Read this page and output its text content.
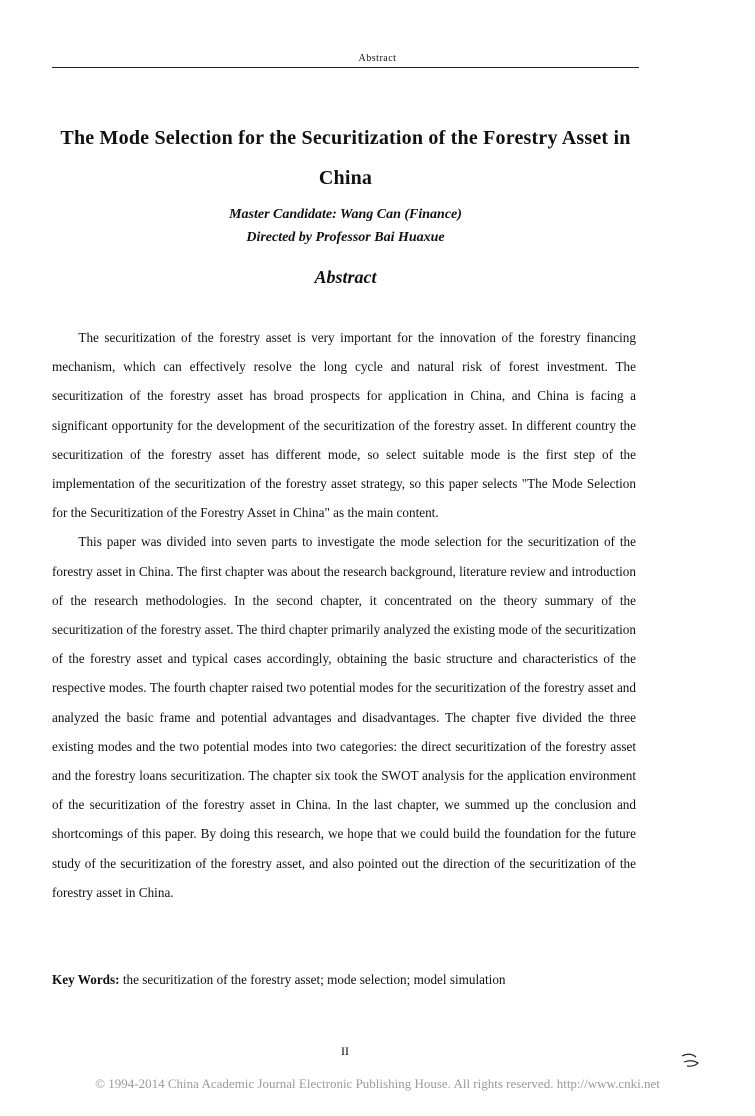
Abstract
The Mode Selection for the Securitization of the Forestry Asset in China
Master Candidate: Wang Can (Finance)
Directed by Professor Bai Huaxue
Abstract

The securitization of the forestry asset is very important for the innovation of the forestry financing mechanism, which can effectively resolve the long cycle and natural risk of forest investment. The securitization of the forestry asset has broad prospects for application in China, and China is facing a significant opportunity for the development of the securitization of the forestry asset. In different country the securitization of the forestry asset has different mode, so select suitable mode is the first step of the implementation of the securitization of the forestry asset strategy, so this paper selects "The Mode Selection for the Securitization of the Forestry Asset in China" as the main content.

This paper was divided into seven parts to investigate the mode selection for the securitization of the forestry asset in China. The first chapter was about the research background, literature review and introduction of the research methodologies. In the second chapter, it concentrated on the theory summary of the securitization of the forestry asset. The third chapter primarily analyzed the existing mode of the securitization of the forestry asset and typical cases accordingly, obtaining the basic structure and characteristics of the respective modes. The fourth chapter raised two potential modes for the securitization of the forestry asset and analyzed the basic frame and potential advantages and disadvantages. The chapter five divided the three existing modes and the two potential modes into two categories: the direct securitization of the forestry asset and the forestry loans securitization. The chapter six took the SWOT analysis for the application environment of the securitization of the forestry asset in China. In the last chapter, we summed up the conclusion and shortcomings of this paper. By doing this research, we hope that we could build the foundation for the future study of the securitization of the forestry asset, and also pointed out the direction of the securitization of the forestry asset in China.

Key Words: the securitization of the forestry asset; mode selection; model simulation
II
© 1994-2014 China Academic Journal Electronic Publishing House. All rights reserved. http://www.cnki.net
